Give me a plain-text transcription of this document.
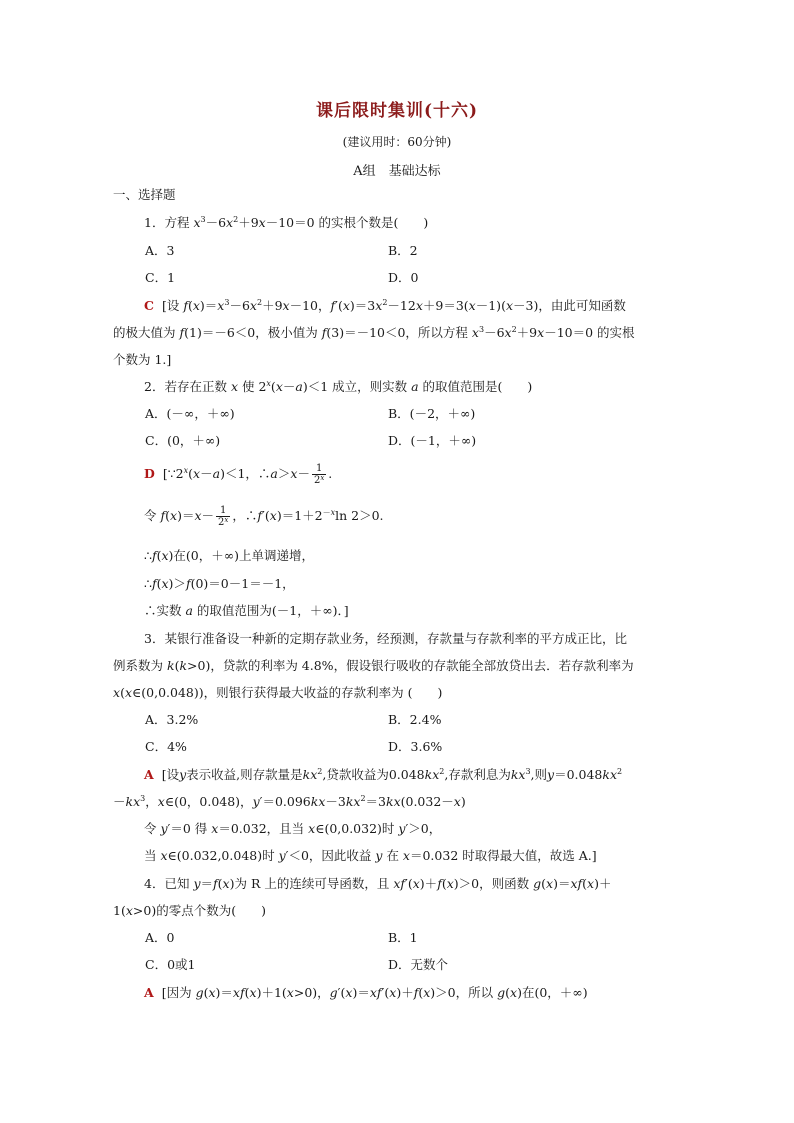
课后限时集训(十六)
(建议用时：60分钟)
A组　基础达标
一、选择题
1．方程 $x^3-6x^2+9x-10=0$ 的实根个数是(　　)
A．3	B．2
C．1	D．0
C [设 $f(x)=x^3-6x^2+9x-10$，$f'(x)=3x^2-12x+9=3(x-1)(x-3)$，由此可知函数
的极大值为 f(1)＝－6＜0，极小值为 f(3)＝－10＜0，所以方程 $x^3-6x^2+9x-10=0$ 的实根
个数为 1.]
2．若存在正数 x 使 $2^x(x-a)<1$ 成立，则实数 a 的取值范围是(　　)
A．(－∞，＋∞)	B．(－2，＋∞)
C．(0，＋∞)	D．(－1，＋∞)
D [$\because 2^x(x-a)<1$，∴a＞x－ $\frac{1}{2^x}$ .
令 $f(x)=x- \frac{1}{2^x}$ ，$\therefore f'(x)=1+2^{-x}\ln$ 2＞0.
∴f(x)在(0，＋∞)上单调递增，
∴f(x)＞f(0)＝0－1＝－1，
∴实数 a 的取值范围为(－1，＋∞)．]
3．某银行准备设一种新的定期存款业务，经预测，存款量与存款利率的平方成正比，比
例系数为 k(k>0)，贷款的利率为 4.8%，假设银行吸收的存款能全部放贷出去．若存款利率为
x(x∈(0,0.048))，则银行获得最大收益的存款利率为 (　　)
A．3.2%	B．2.4%
C．4%	D．3.6%
A [设y表示收益,则存款量是$kx^2$,贷款收益为$0.048kx^2$,存款利息为$kx^3$,则$y=0.048kx^2$
$-kx^3$，x∈(0，0.048)，$y'=0.096kx-3kx^2=3kx(0.032-x)$
令 y′＝0 得 x＝0.032，且当 x∈(0,0.032)时 y′＞0，
当 x∈(0.032,0.048)时 y′＜0，因此收益 y 在 x＝0.032 时取得最大值，故选 A.]
4．已知 y＝f(x)为 R 上的连续可导函数，且 xf′(x)＋f(x)＞0，则函数 g(x)＝xf(x)＋
1(x>0)的零点个数为(　　)
A．0	B．1
C．0或1	D．无数个
A [因为 g(x)＝xf(x)＋1(x>0)，g′(x)＝xf′(x)＋f(x)＞0，所以 g(x)在(0，＋∞)
